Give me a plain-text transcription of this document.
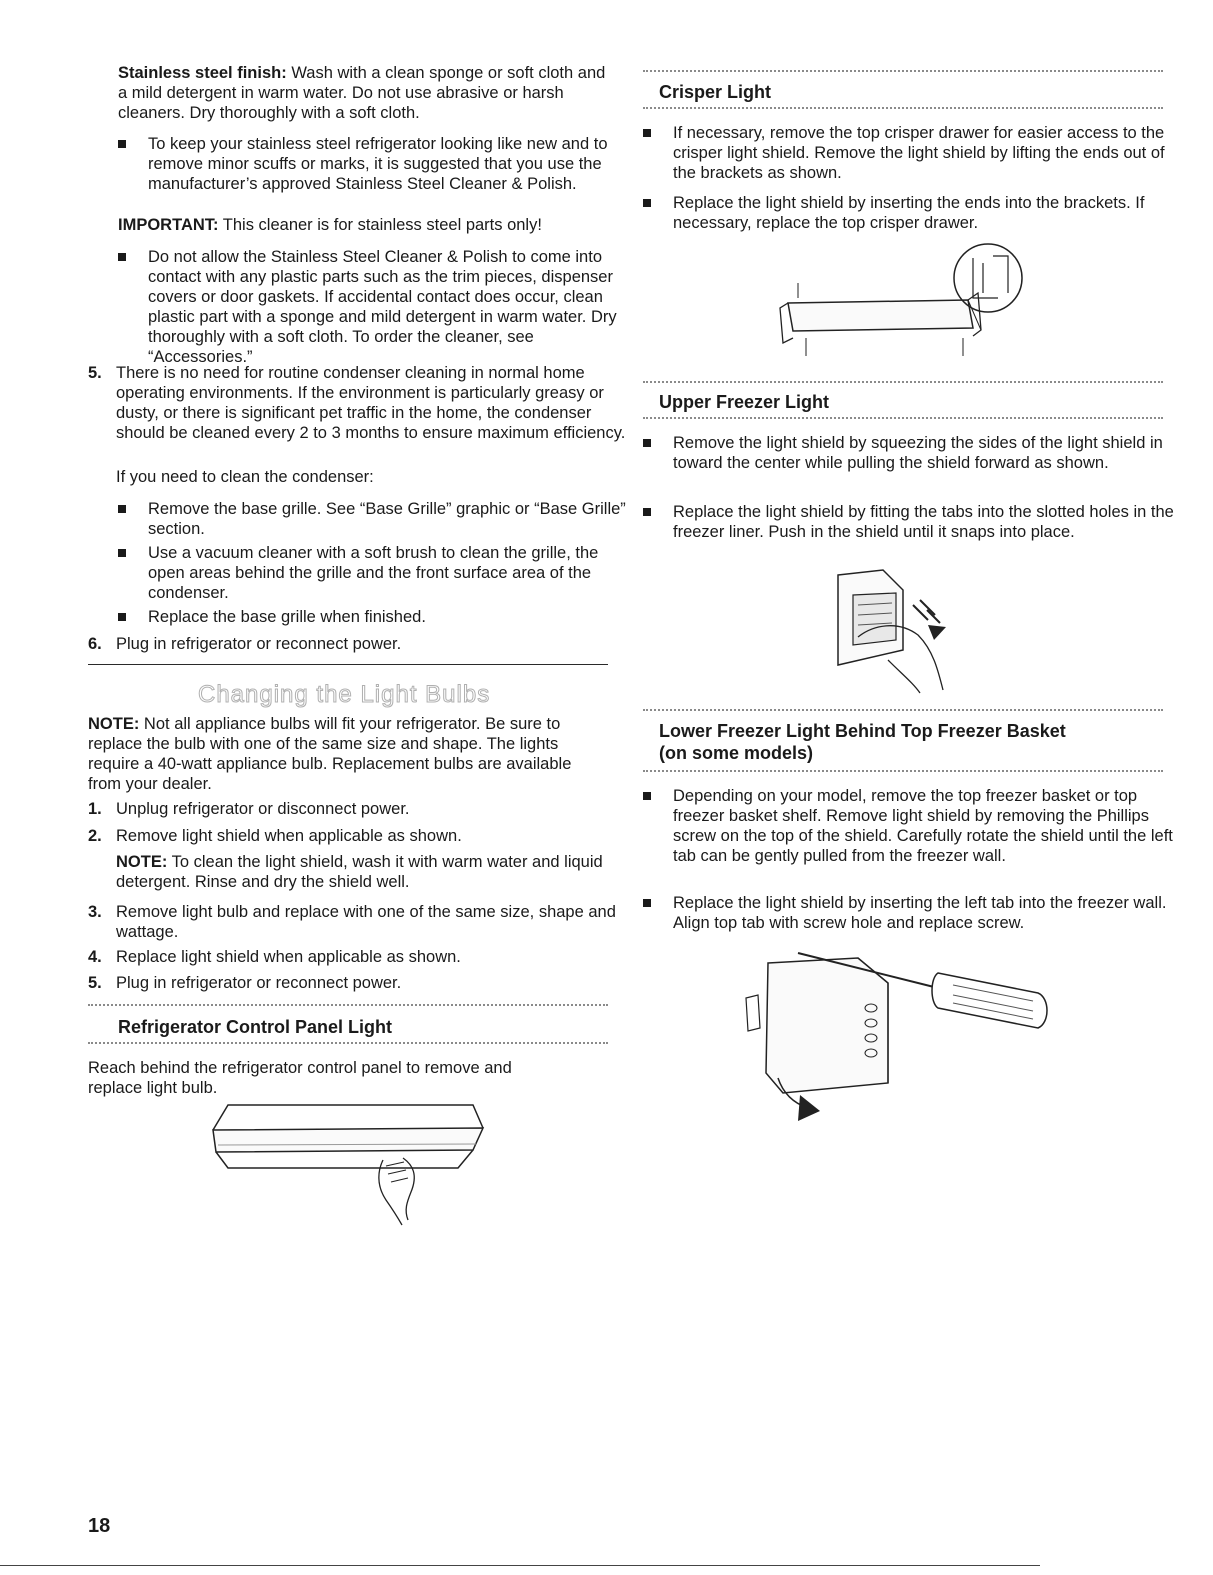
Stainless steel finish: Wash with a clean sponge or soft cloth and a mild detergent in warm water. Do not use abrasive or harsh cleaners. Dry thoroughly with a soft cloth.

To keep your stainless steel refrigerator looking like new and to remove minor scuffs or marks, it is suggested that you use the manufacturer’s approved Stainless Steel Cleaner & Polish.

IMPORTANT: This cleaner is for stainless steel parts only!

Do not allow the Stainless Steel Cleaner & Polish to come into contact with any plastic parts such as the trim pieces, dispenser covers or door gaskets. If accidental contact does occur, clean plastic part with a sponge and mild detergent in warm water. Dry thoroughly with a soft cloth. To order the cleaner, see “Accessories.”
5. There is no need for routine condenser cleaning in normal home operating environments. If the environment is particularly greasy or dusty, or there is significant pet traffic in the home, the condenser should be cleaned every 2 to 3 months to ensure maximum efficiency.

If you need to clean the condenser:

Remove the base grille. See “Base Grille” graphic or “Base Grille” section.
Use a vacuum cleaner with a soft brush to clean the grille, the open areas behind the grille and the front surface area of the condenser.
Replace the base grille when finished.
6. Plug in refrigerator or reconnect power.
Changing the Light Bulbs

NOTE: Not all appliance bulbs will fit your refrigerator. Be sure to replace the bulb with one of the same size and shape. The lights require a 40-watt appliance bulb. Replacement bulbs are available from your dealer.

1. Unplug refrigerator or disconnect power.
2. Remove light shield when applicable as shown.

NOTE: To clean the light shield, wash it with warm water and liquid detergent. Rinse and dry the shield well.

3. Remove light bulb and replace with one of the same size, shape and wattage.
4. Replace light shield when applicable as shown.
5. Plug in refrigerator or reconnect power.
Refrigerator Control Panel Light

Reach behind the refrigerator control panel to remove and replace light bulb.

Crisper Light
If necessary, remove the top crisper drawer for easier access to the crisper light shield. Remove the light shield by lifting the ends out of the brackets as shown.
Replace the light shield by inserting the ends into the brackets. If necessary, replace the top crisper drawer.
Upper Freezer Light
Remove the light shield by squeezing the sides of the light shield in toward the center while pulling the shield forward as shown.
Replace the light shield by fitting the tabs into the slotted holes in the freezer liner. Push in the shield until it snaps into place.
Lower Freezer Light Behind Top Freezer Basket
(on some models)
Depending on your model, remove the top freezer basket or top freezer basket shelf. Remove light shield by removing the Phillips screw on the top of the shield. Carefully rotate the shield until the left tab can be gently pulled from the freezer wall.
Replace the light shield by inserting the left tab into the freezer wall. Align top tab with screw hole and replace screw.
18
